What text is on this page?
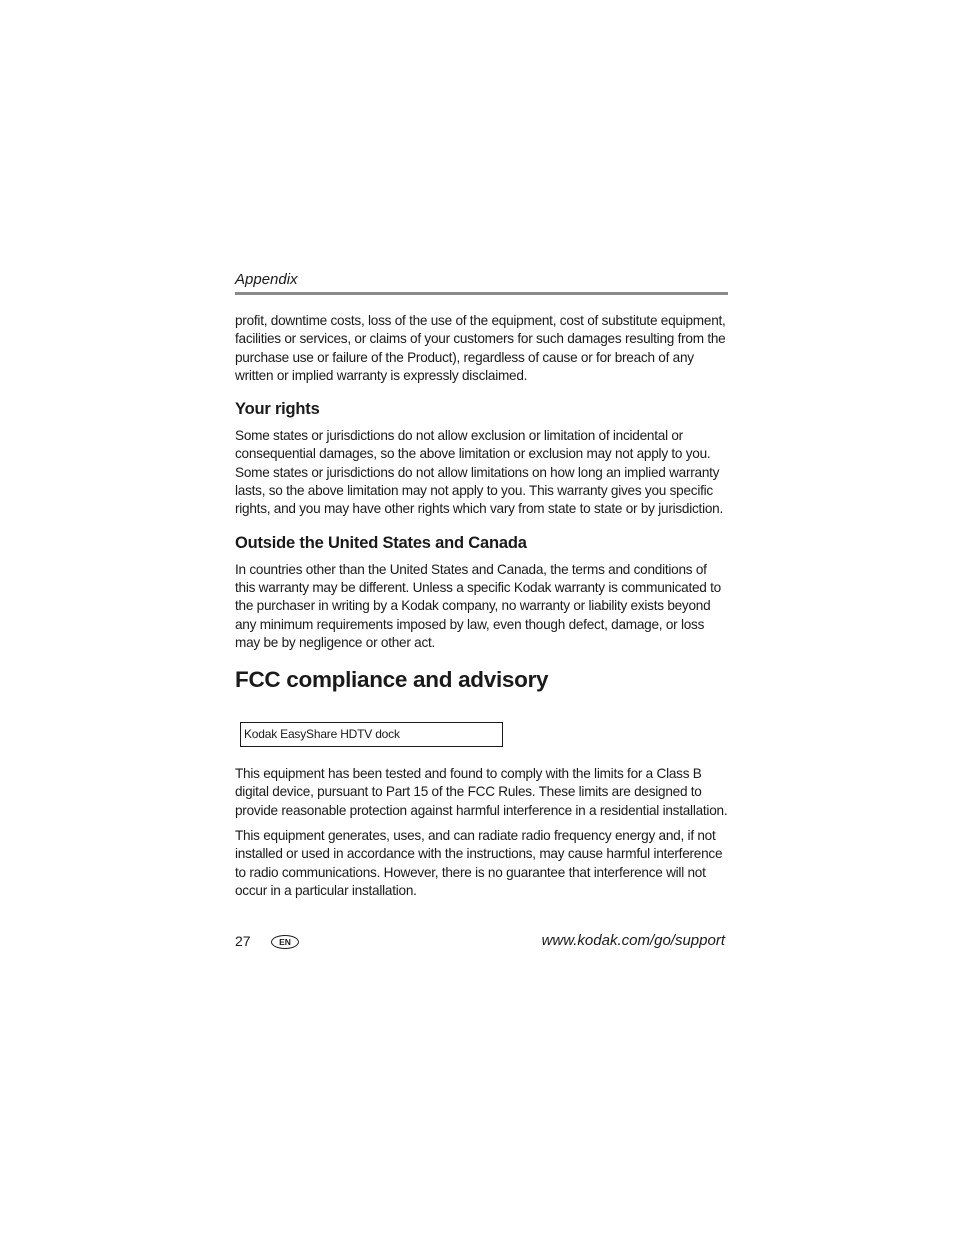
Appendix

profit, downtime costs, loss of the use of the equipment, cost of substitute equipment, facilities or services, or claims of your customers for such damages resulting from the purchase use or failure of the Product), regardless of cause or for breach of any written or implied warranty is expressly disclaimed.

Your rights

Some states or jurisdictions do not allow exclusion or limitation of incidental or consequential damages, so the above limitation or exclusion may not apply to you. Some states or jurisdictions do not allow limitations on how long an implied warranty lasts, so the above limitation may not apply to you. This warranty gives you specific rights, and you may have other rights which vary from state to state or by jurisdiction.

Outside the United States and Canada

In countries other than the United States and Canada, the terms and conditions of this warranty may be different. Unless a specific Kodak warranty is communicated to the purchaser in writing by a Kodak company, no warranty or liability exists beyond any minimum requirements imposed by law, even though defect, damage, or loss may be by negligence or other act.

FCC compliance and advisory
Kodak EasyShare HDTV dock

This equipment has been tested and found to comply with the limits for a Class B digital device, pursuant to Part 15 of the FCC Rules. These limits are designed to provide reasonable protection against harmful interference in a residential installation.

This equipment generates, uses, and can radiate radio frequency energy and, if not installed or used in accordance with the instructions, may cause harmful interference to radio communications. However, there is no guarantee that interference will not occur in a particular installation.

27	EN	www.kodak.com/go/support
